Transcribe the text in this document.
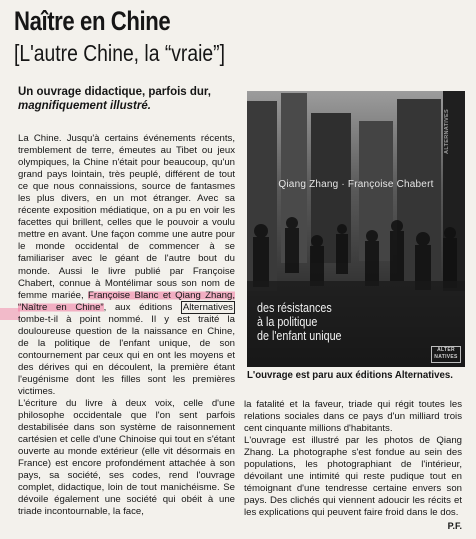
Naître en Chine
[L'autre Chine, la “vraie”]
Un ouvrage didactique, parfois dur,
magnifiquement illustré.

La Chine. Jusqu'à certains événements récents, tremblement de terre, émeutes au Tibet ou jeux olympiques, la Chine n'était pour beaucoup, qu'un grand pays lointain, très peuplé, différent de tout ce que nous connaissions, source de fantasmes les plus divers, en un mot étranger. Avec sa récente exposition médiatique, on a pu en voir les facettes qui brillent, celles que le pouvoir a voulu mettre en avant. Une façon comme une autre pour le monde occidental de commencer à se familiariser avec le géant de l'autre bout du monde. Aussi le livre publié par Françoise Chabert, connue à Montélimar sous son nom de femme mariée, Françoise Blanc et Qiang Zhang, “Naître en Chine”, aux éditions Alternatives tombe-t-il à point nommé. Il y est traité la douloureuse question de la naissance en Chine, de la politique de l'enfant unique, de son contournement par ceux qui en ont les moyens et des dérives qui en découlent, la première étant l'eugénisme dont les filles sont les premières victimes.

L'écriture du livre à deux voix, celle d'une philosophe occidentale que l'on sent parfois destabilisée dans son système de raisonnement cartésien et celle d'une Chinoise qui tout en s'étant ouverte au monde extérieur (elle vit désormais en France) est encore profondément attachée à son pays, sa société, ses codes, rend l'ouvrage complet, didactique, loin de tout manichéisme. Se dévoile également une société qui obéit à une triade incontournable, la face,

ALTERNATIVES
Qiang Zhang · Françoise Chabert
des résistances
à la politique
de l'enfant unique
ALTER NATIVES
L'ouvrage est paru aux éditions Alternatives.

la fatalité et la faveur, triade qui régit toutes les relations sociales dans ce pays d'un milliard trois cent cinquante millions d'habitants.

L'ouvrage est illustré par les photos de Qiang Zhang. La photographe s'est fondue au sein des populations, les photographiant de l'intérieur, dévoilant une intimité qui reste pudique tout en témoignant d'une tendresse certaine envers son pays. Des clichés qui viennent adoucir les récits et les explications qui peuvent faire froid dans le dos.

P.F.
